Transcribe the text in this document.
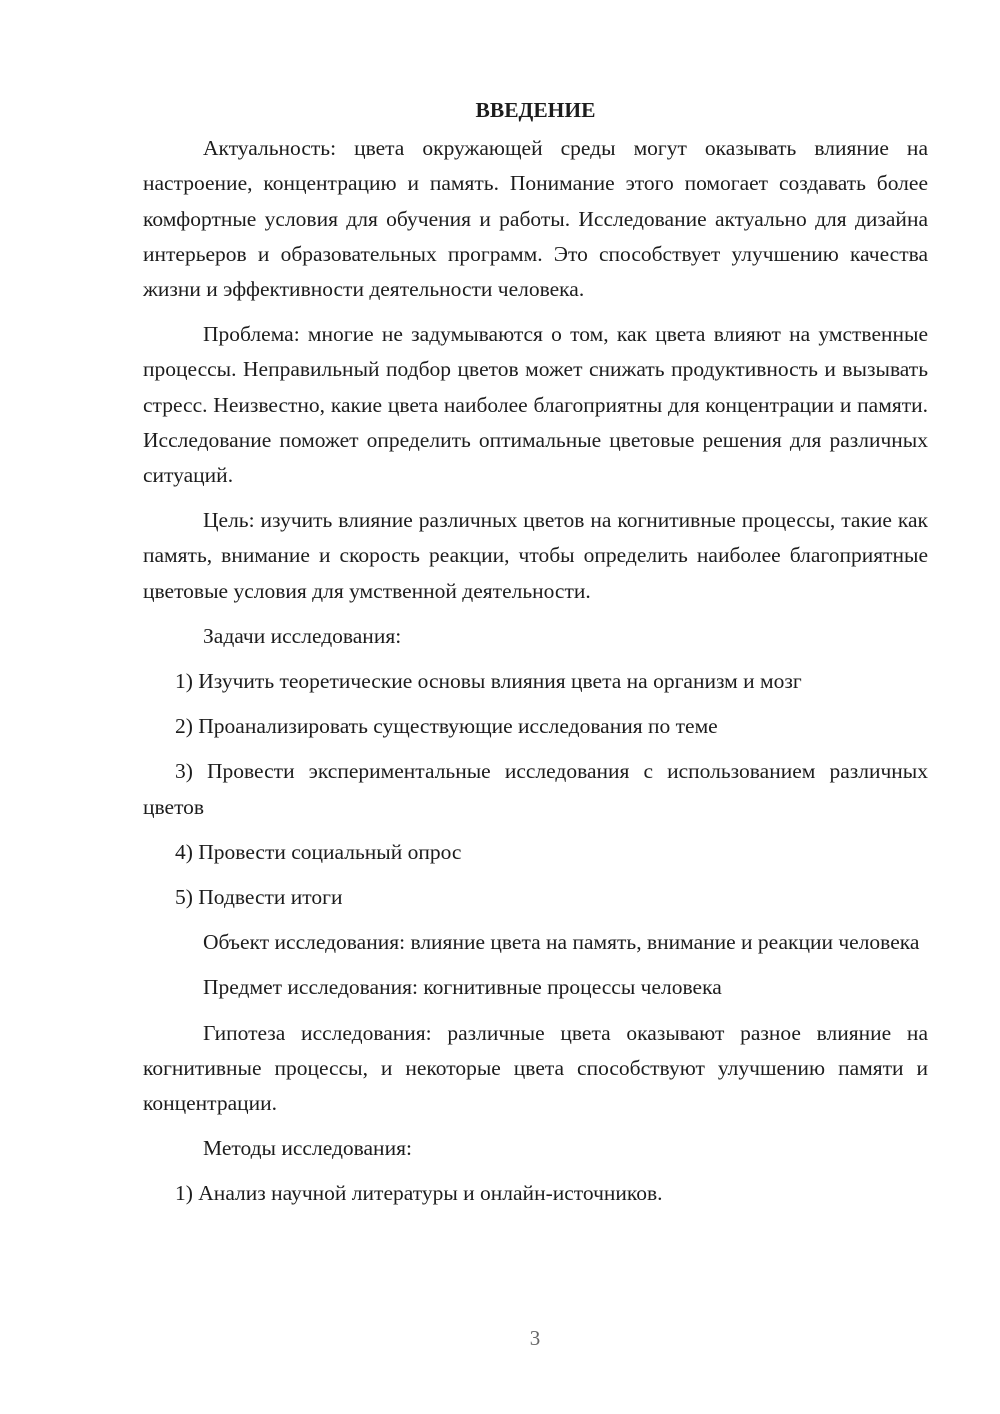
ВВЕДЕНИЕ

Актуальность: цвета окружающей среды могут оказывать влияние на настроение, концентрацию и память. Понимание этого помогает создавать более комфортные условия для обучения и работы. Исследование актуально для дизайна интерьеров и образовательных программ. Это способствует улучшению качества жизни и эффективности деятельности человека.

Проблема: многие не задумываются о том, как цвета влияют на умственные процессы. Неправильный подбор цветов может снижать продуктивность и вызывать стресс. Неизвестно, какие цвета наиболее благоприятны для концентрации и памяти. Исследование поможет определить оптимальные цветовые решения для различных ситуаций.

Цель: изучить влияние различных цветов на когнитивные процессы, такие как память, внимание и скорость реакции, чтобы определить наиболее благоприятные цветовые условия для умственной деятельности.

Задачи исследования:

1) Изучить теоретические основы влияния цвета на организм и мозг

2) Проанализировать существующие исследования по теме

3) Провести экспериментальные исследования с использованием различных цветов

4) Провести социальный опрос

5) Подвести итоги

Объект исследования: влияние цвета на память, внимание и реакции человека

Предмет исследования: когнитивные процессы человека

Гипотеза исследования: различные цвета оказывают разное влияние на когнитивные процессы, и некоторые цвета способствуют улучшению памяти и концентрации.

Методы исследования:

1) Анализ научной литературы и онлайн-источников.

3
